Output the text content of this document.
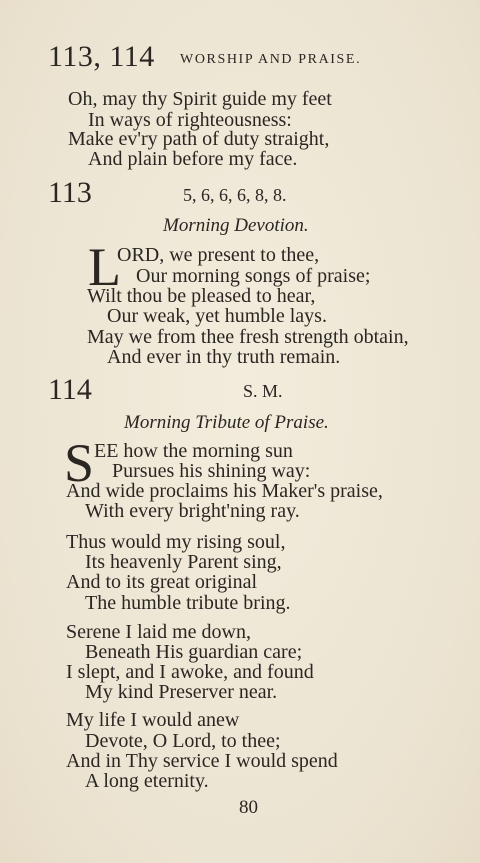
113, 114 WORSHIP AND PRAISE.
Oh, may thy Spirit guide my feet
In ways of righteousness:
Make ev'ry path of duty straight,
And plain before my face.
113	5, 6, 6, 6, 8, 8.
Morning Devotion.
L
ORD, we present to thee,
Our morning songs of praise;
Wilt thou be pleased to hear,
Our weak, yet humble lays.
May we from thee fresh strength obtain,
And ever in thy truth remain.
114	S. M.
Morning Tribute of Praise.
S EE how the morning sun
Pursues his shining way:
And wide proclaims his Maker's praise,
With every bright'ning ray.
Thus would my rising soul,
Its heavenly Parent sing,
And to its great original
The humble tribute bring.
Serene I laid me down,
Beneath His guardian care;
I slept, and I awoke, and found
My kind Preserver near.
My life I would anew
Devote, O Lord, to thee;
And in Thy service I would spend
A long eternity.
80
